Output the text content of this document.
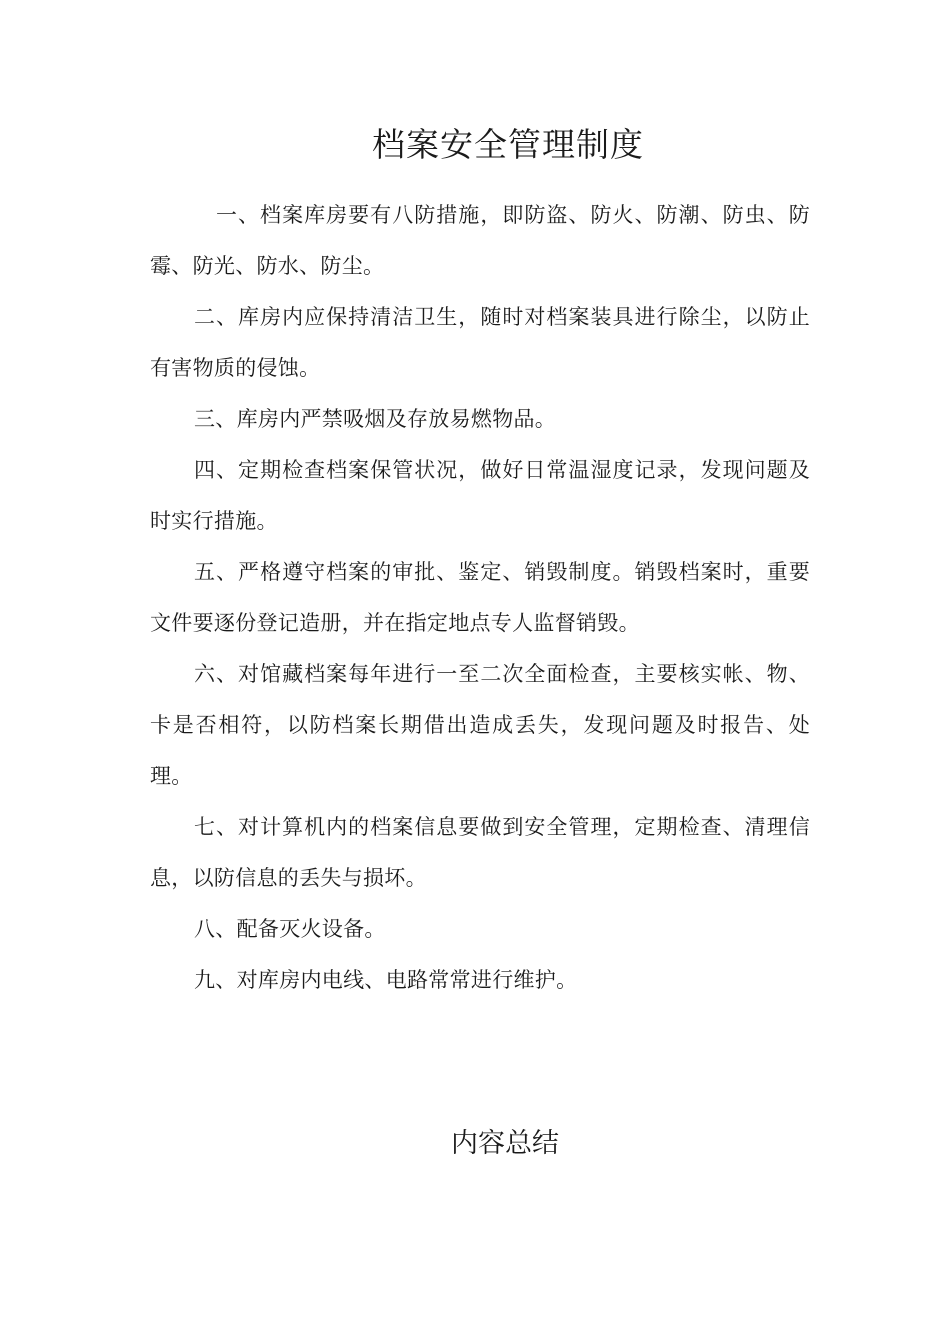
档案安全管理制度

一、档案库房要有八防措施，即防盗、防火、防潮、防虫、防霉、防光、防水、防尘。

二、库房内应保持清洁卫生，随时对档案装具进行除尘，以防止有害物质的侵蚀。

三、库房内严禁吸烟及存放易燃物品。

四、定期检查档案保管状况，做好日常温湿度记录，发现问题及时实行措施。

五、严格遵守档案的审批、鉴定、销毁制度。销毁档案时，重要文件要逐份登记造册，并在指定地点专人监督销毁。

六、对馆藏档案每年进行一至二次全面检查，主要核实帐、物、卡是否相符，以防档案长期借出造成丢失，发现问题及时报告、处理。

七、对计算机内的档案信息要做到安全管理，定期检查、清理信息，以防信息的丢失与损坏。

八、配备灭火设备。

九、对库房内电线、电路常常进行维护。

内容总结
